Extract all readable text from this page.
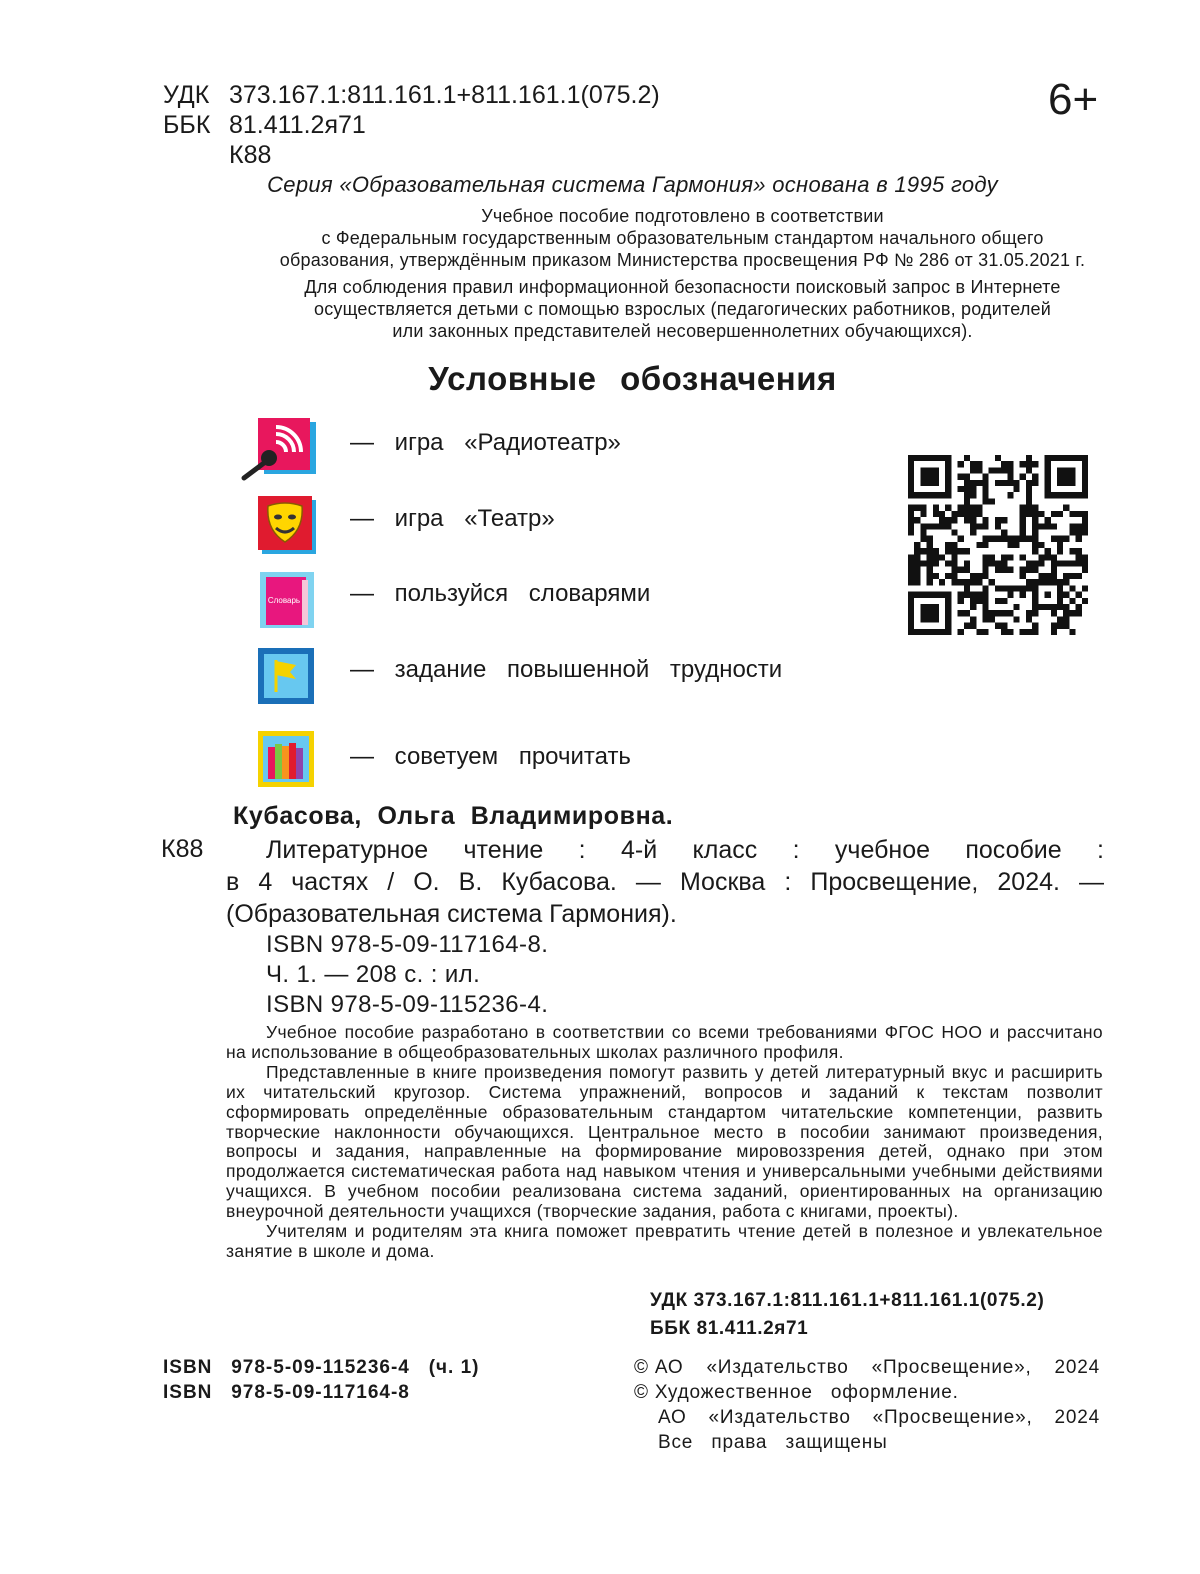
УДК 373.167.1:811.161.1+811.161.1(075.2)
ББК 81.411.2я71
К88
6+
Серия «Образовательная система Гармония» основана в 1995 году
Учебное пособие подготовлено в соответствии
с Федеральным государственным образовательным стандартом начального общего
образования, утверждённым приказом Министерства просвещения РФ № 286 от 31.05.2021 г.
Для соблюдения правил информационной безопасности поисковый запрос в Интернете
осуществляется детьми с помощью взрослых (педагогических работников, родителей
или законных представителей несовершеннолетних обучающихся).
Условные обозначения
Словарь
— игра «Радиотеатр»
— игра «Театр»
— пользуйся словарями
— задание повышенной трудности
— советуем прочитать
Кубасова, Ольга Владимировна.
К88	Литературное чтение : 4-й класс : учебное пособие :
в 4 частях / О. В. Кубасова. — Москва : Просвещение, 2024. —
(Образовательная система Гармония).
ISBN 978-5-09-117164-8.
Ч. 1. — 208 с. : ил.
ISBN 978-5-09-115236-4.

Учебное пособие разработано в соответствии со всеми требованиями ФГОС НОО и рассчитано на использование в общеобразовательных школах различного профиля.

Представленные в книге произведения помогут развить у детей литературный вкус и расширить их читательский кругозор. Система упражнений, вопросов и заданий к текстам позволит сформировать определённые образовательным стандартом читательские компетенции, развить творческие наклонности обучающихся. Центральное место в пособии занимают произведения, вопросы и задания, направленные на формирование мировоззрения детей, однако при этом продолжается систематическая работа над навыком чтения и универсальными учебными действиями учащихся. В учебном пособии реализована система заданий, ориентированных на организацию внеурочной деятельности учащихся (творческие задания, работа с книгами, проекты).

Учителям и родителям эта книга поможет превратить чтение детей в полезное и увлекательное занятие в школе и дома.

УДК 373.167.1:811.161.1+811.161.1(075.2)
ББК 81.411.2я71
ISBN   978-5-09-115236-4   (ч. 1)
ISBN   978-5-09-117164-8
© АО «Издательство «Просвещение», 2024
© Художественное   оформление.
АО «Издательство «Просвещение», 2024
Все   права   защищены
